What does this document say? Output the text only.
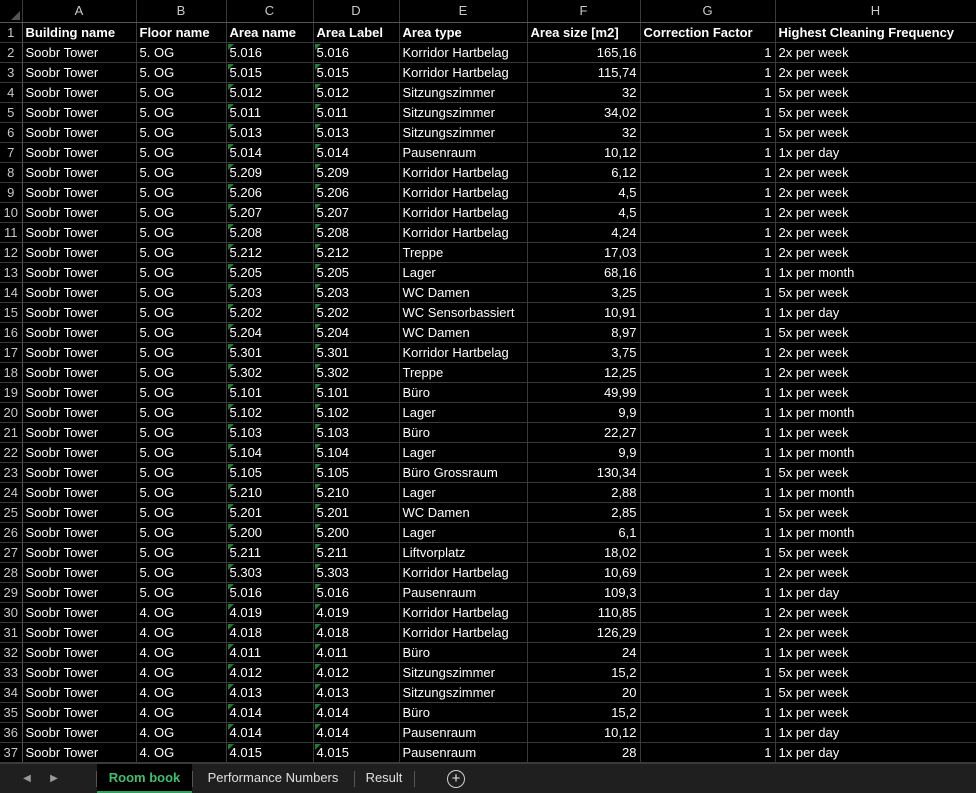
	A	B	C	D	E	F	G	H
1	Building name	Floor name	Area name	Area Label	Area type	Area size [m2]	Correction Factor	Highest Cleaning Frequency
2	Soobr Tower	5. OG	5.016	5.016	Korridor Hartbelag	165,16	1	2x per week
3	Soobr Tower	5. OG	5.015	5.015	Korridor Hartbelag	115,74	1	2x per week
4	Soobr Tower	5. OG	5.012	5.012	Sitzungszimmer	32	1	5x per week
5	Soobr Tower	5. OG	5.011	5.011	Sitzungszimmer	34,02	1	5x per week
6	Soobr Tower	5. OG	5.013	5.013	Sitzungszimmer	32	1	5x per week
7	Soobr Tower	5. OG	5.014	5.014	Pausenraum	10,12	1	1x per day
8	Soobr Tower	5. OG	5.209	5.209	Korridor Hartbelag	6,12	1	2x per week
9	Soobr Tower	5. OG	5.206	5.206	Korridor Hartbelag	4,5	1	2x per week
10	Soobr Tower	5. OG	5.207	5.207	Korridor Hartbelag	4,5	1	2x per week
11	Soobr Tower	5. OG	5.208	5.208	Korridor Hartbelag	4,24	1	2x per week
12	Soobr Tower	5. OG	5.212	5.212	Treppe	17,03	1	2x per week
13	Soobr Tower	5. OG	5.205	5.205	Lager	68,16	1	1x per month
14	Soobr Tower	5. OG	5.203	5.203	WC Damen	3,25	1	5x per week
15	Soobr Tower	5. OG	5.202	5.202	WC Sensorbassiert	10,91	1	1x per day
16	Soobr Tower	5. OG	5.204	5.204	WC Damen	8,97	1	5x per week
17	Soobr Tower	5. OG	5.301	5.301	Korridor Hartbelag	3,75	1	2x per week
18	Soobr Tower	5. OG	5.302	5.302	Treppe	12,25	1	2x per week
19	Soobr Tower	5. OG	5.101	5.101	Büro	49,99	1	1x per week
20	Soobr Tower	5. OG	5.102	5.102	Lager	9,9	1	1x per month
21	Soobr Tower	5. OG	5.103	5.103	Büro	22,27	1	1x per week
22	Soobr Tower	5. OG	5.104	5.104	Lager	9,9	1	1x per month
23	Soobr Tower	5. OG	5.105	5.105	Büro Grossraum	130,34	1	5x per week
24	Soobr Tower	5. OG	5.210	5.210	Lager	2,88	1	1x per month
25	Soobr Tower	5. OG	5.201	5.201	WC Damen	2,85	1	5x per week
26	Soobr Tower	5. OG	5.200	5.200	Lager	6,1	1	1x per month
27	Soobr Tower	5. OG	5.211	5.211	Liftvorplatz	18,02	1	5x per week
28	Soobr Tower	5. OG	5.303	5.303	Korridor Hartbelag	10,69	1	2x per week
29	Soobr Tower	5. OG	5.016	5.016	Pausenraum	109,3	1	1x per day
30	Soobr Tower	4. OG	4.019	4.019	Korridor Hartbelag	110,85	1	2x per week
31	Soobr Tower	4. OG	4.018	4.018	Korridor Hartbelag	126,29	1	2x per week
32	Soobr Tower	4. OG	4.011	4.011	Büro	24	1	1x per week
33	Soobr Tower	4. OG	4.012	4.012	Sitzungszimmer	15,2	1	5x per week
34	Soobr Tower	4. OG	4.013	4.013	Sitzungszimmer	20	1	5x per week
35	Soobr Tower	4. OG	4.014	4.014	Büro	15,2	1	1x per week
36	Soobr Tower	4. OG	4.014	4.014	Pausenraum	10,12	1	1x per day
37	Soobr Tower	4. OG	4.015	4.015	Pausenraum	28	1	1x per day
◀	▶	Room book	Performance Numbers	Result	+
